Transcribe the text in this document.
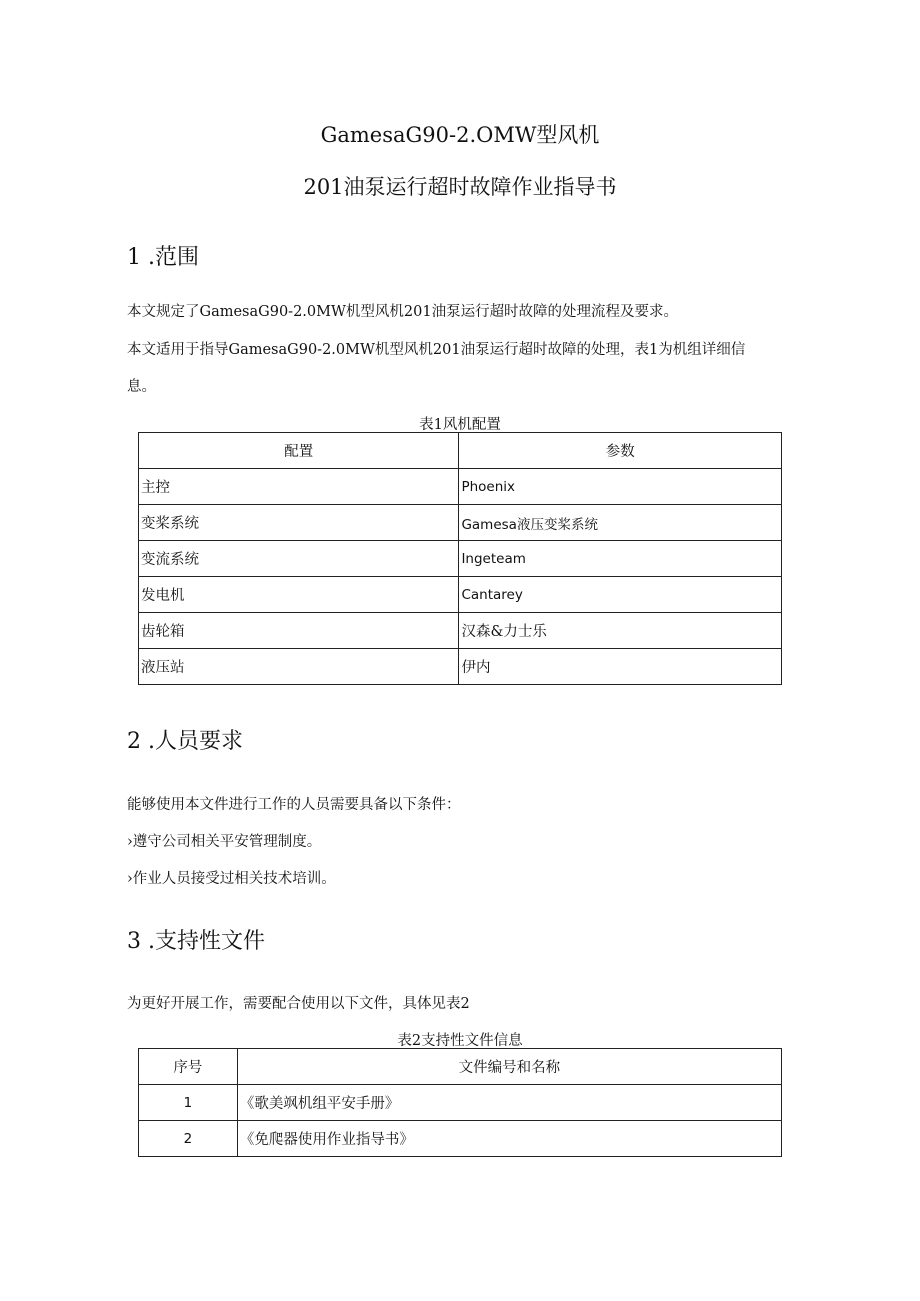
GamesaG90-2.OMW型风机
201油泵运行超时故障作业指导书
1 .范围
本文规定了GamesaG90-2.0MW机型风机201油泵运行超时故障的处理流程及要求。
本文适用于指导GamesaG90-2.0MW机型风机201油泵运行超时故障的处理，表1为机组详细信
息。
表1风机配置
配置	参数
主控	Phoenix
变桨系统	Gamesa液压变桨系统
变流系统	Ingeteam
发电机	Cantarey
齿轮箱	汉森&力士乐
液压站	伊内
2 .人员要求
能够使用本文件进行工作的人员需要具备以下条件：
›遵守公司相关平安管理制度。
›作业人员接受过相关技术培训。
3 .支持性文件
为更好开展工作，需要配合使用以下文件，具体见表2
表2支持性文件信息
序号	文件编号和名称
1	《歌美飒机组平安手册》
2	《免爬器使用作业指导书》
